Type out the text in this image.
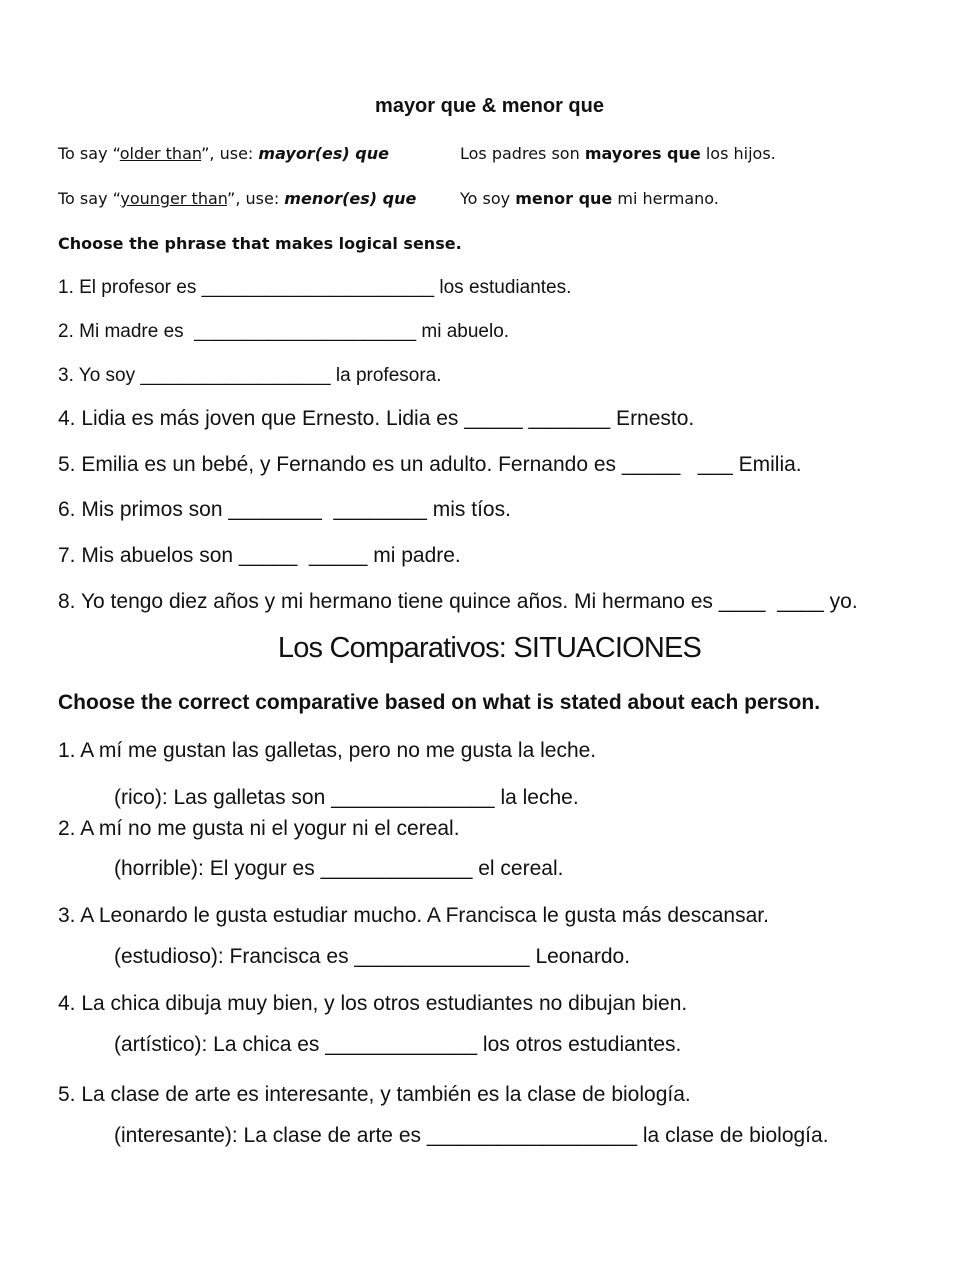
mayor que & menor que
To say “older than”, use: mayor(es) que	Los padres son mayores que los hijos.
To say “younger than”, use: menor(es) que	Yo soy menor que mi hermano.
Choose the phrase that makes logical sense.
1. El profesor es ______________________ los estudiantes.
2. Mi madre es  _____________________ mi abuelo.
3. Yo soy __________________ la profesora.
4. Lidia es más joven que Ernesto. Lidia es _____ _______ Ernesto.
5. Emilia es un bebé, y Fernando es un adulto. Fernando es _____   ___ Emilia.
6. Mis primos son ________  ________ mis tíos.
7. Mis abuelos son _____  _____ mi padre.
8. Yo tengo diez años y mi hermano tiene quince años. Mi hermano es ____  ____ yo.
Los Comparativos: SITUACIONES
Choose the correct comparative based on what is stated about each person.
1. A mí me gustan las galletas, pero no me gusta la leche.
(rico): Las galletas son ______________ la leche.
2. A mí no me gusta ni el yogur ni el cereal.
(horrible): El yogur es _____________ el cereal.
3. A Leonardo le gusta estudiar mucho. A Francisca le gusta más descansar.
(estudioso): Francisca es _______________ Leonardo.
4. La chica dibuja muy bien, y los otros estudiantes no dibujan bien.
(artístico): La chica es _____________ los otros estudiantes.
5. La clase de arte es interesante, y también es la clase de biología.
(interesante): La clase de arte es __________________ la clase de biología.
